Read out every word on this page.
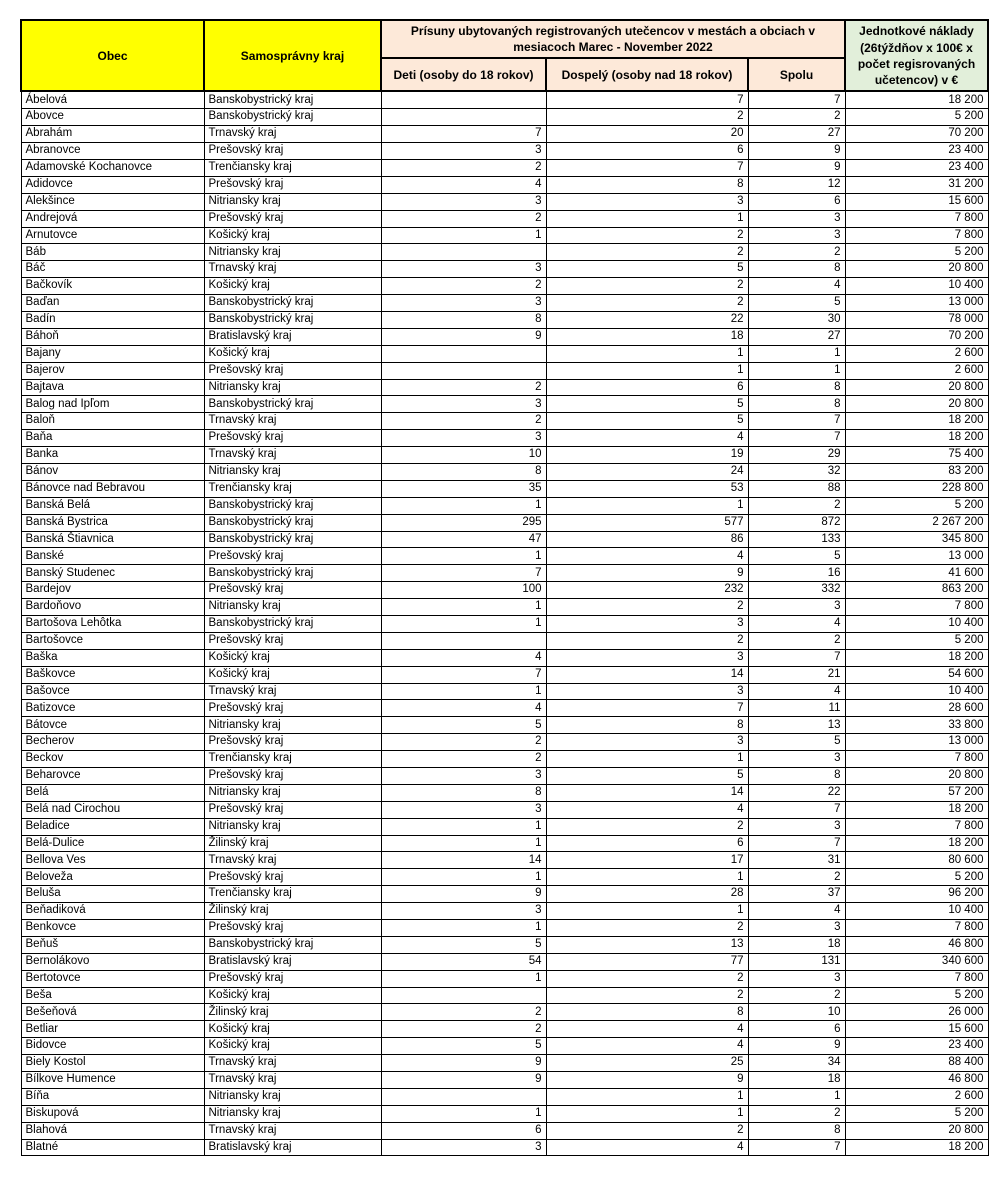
Obec	Samosprávny kraj	Prísuny ubytovaných registrovaných utečencov v mestách a obciach v mesiacoch Marec - November 2022			Jednotkové náklady (26týždňov x 100€ x počet regisrovaných učetencov) v €
		Deti (osoby do 18 rokov)	Dospelý (osoby nad 18 rokov)	Spolu	
Ábelová	Banskobystrický kraj		7	7	18 200
Abovce	Banskobystrický kraj		2	2	5 200
Abrahám	Trnavský kraj	7	20	27	70 200
Abranovce	Prešovský kraj	3	6	9	23 400
Adamovské Kochanovce	Trenčiansky kraj	2	7	9	23 400
Adidovce	Prešovský kraj	4	8	12	31 200
Alekšince	Nitriansky kraj	3	3	6	15 600
Andrejová	Prešovský kraj	2	1	3	7 800
Arnutovce	Košický kraj	1	2	3	7 800
Báb	Nitriansky kraj		2	2	5 200
Báč	Trnavský kraj	3	5	8	20 800
Bačkovík	Košický kraj	2	2	4	10 400
Baďan	Banskobystrický kraj	3	2	5	13 000
Badín	Banskobystrický kraj	8	22	30	78 000
Báhoň	Bratislavský kraj	9	18	27	70 200
Bajany	Košický kraj		1	1	2 600
Bajerov	Prešovský kraj		1	1	2 600
Bajtava	Nitriansky kraj	2	6	8	20 800
Balog nad Ipľom	Banskobystrický kraj	3	5	8	20 800
Baloň	Trnavský kraj	2	5	7	18 200
Baňa	Prešovský kraj	3	4	7	18 200
Banka	Trnavský kraj	10	19	29	75 400
Bánov	Nitriansky kraj	8	24	32	83 200
Bánovce nad Bebravou	Trenčiansky kraj	35	53	88	228 800
Banská Belá	Banskobystrický kraj	1	1	2	5 200
Banská Bystrica	Banskobystrický kraj	295	577	872	2 267 200
Banská Štiavnica	Banskobystrický kraj	47	86	133	345 800
Banské	Prešovský kraj	1	4	5	13 000
Banský Studenec	Banskobystrický kraj	7	9	16	41 600
Bardejov	Prešovský kraj	100	232	332	863 200
Bardoňovo	Nitriansky kraj	1	2	3	7 800
Bartošova Lehôtka	Banskobystrický kraj	1	3	4	10 400
Bartošovce	Prešovský kraj		2	2	5 200
Baška	Košický kraj	4	3	7	18 200
Baškovce	Košický kraj	7	14	21	54 600
Bašovce	Trnavský kraj	1	3	4	10 400
Batizovce	Prešovský kraj	4	7	11	28 600
Bátovce	Nitriansky kraj	5	8	13	33 800
Becherov	Prešovský kraj	2	3	5	13 000
Beckov	Trenčiansky kraj	2	1	3	7 800
Beharovce	Prešovský kraj	3	5	8	20 800
Belá	Nitriansky kraj	8	14	22	57 200
Belá nad Cirochou	Prešovský kraj	3	4	7	18 200
Beladice	Nitriansky kraj	1	2	3	7 800
Belá-Dulice	Žilinský kraj	1	6	7	18 200
Bellova Ves	Trnavský kraj	14	17	31	80 600
Beloveža	Prešovský kraj	1	1	2	5 200
Beluša	Trenčiansky kraj	9	28	37	96 200
Beňadiková	Žilinský kraj	3	1	4	10 400
Benkovce	Prešovský kraj	1	2	3	7 800
Beňuš	Banskobystrický kraj	5	13	18	46 800
Bernolákovo	Bratislavský kraj	54	77	131	340 600
Bertotovce	Prešovský kraj	1	2	3	7 800
Beša	Košický kraj		2	2	5 200
Bešeňová	Žilinský kraj	2	8	10	26 000
Betliar	Košický kraj	2	4	6	15 600
Bidovce	Košický kraj	5	4	9	23 400
Biely Kostol	Trnavský kraj	9	25	34	88 400
Bílkove Humence	Trnavský kraj	9	9	18	46 800
Bíňa	Nitriansky kraj		1	1	2 600
Biskupová	Nitriansky kraj	1	1	2	5 200
Blahová	Trnavský kraj	6	2	8	20 800
Blatné	Bratislavský kraj	3	4	7	18 200
